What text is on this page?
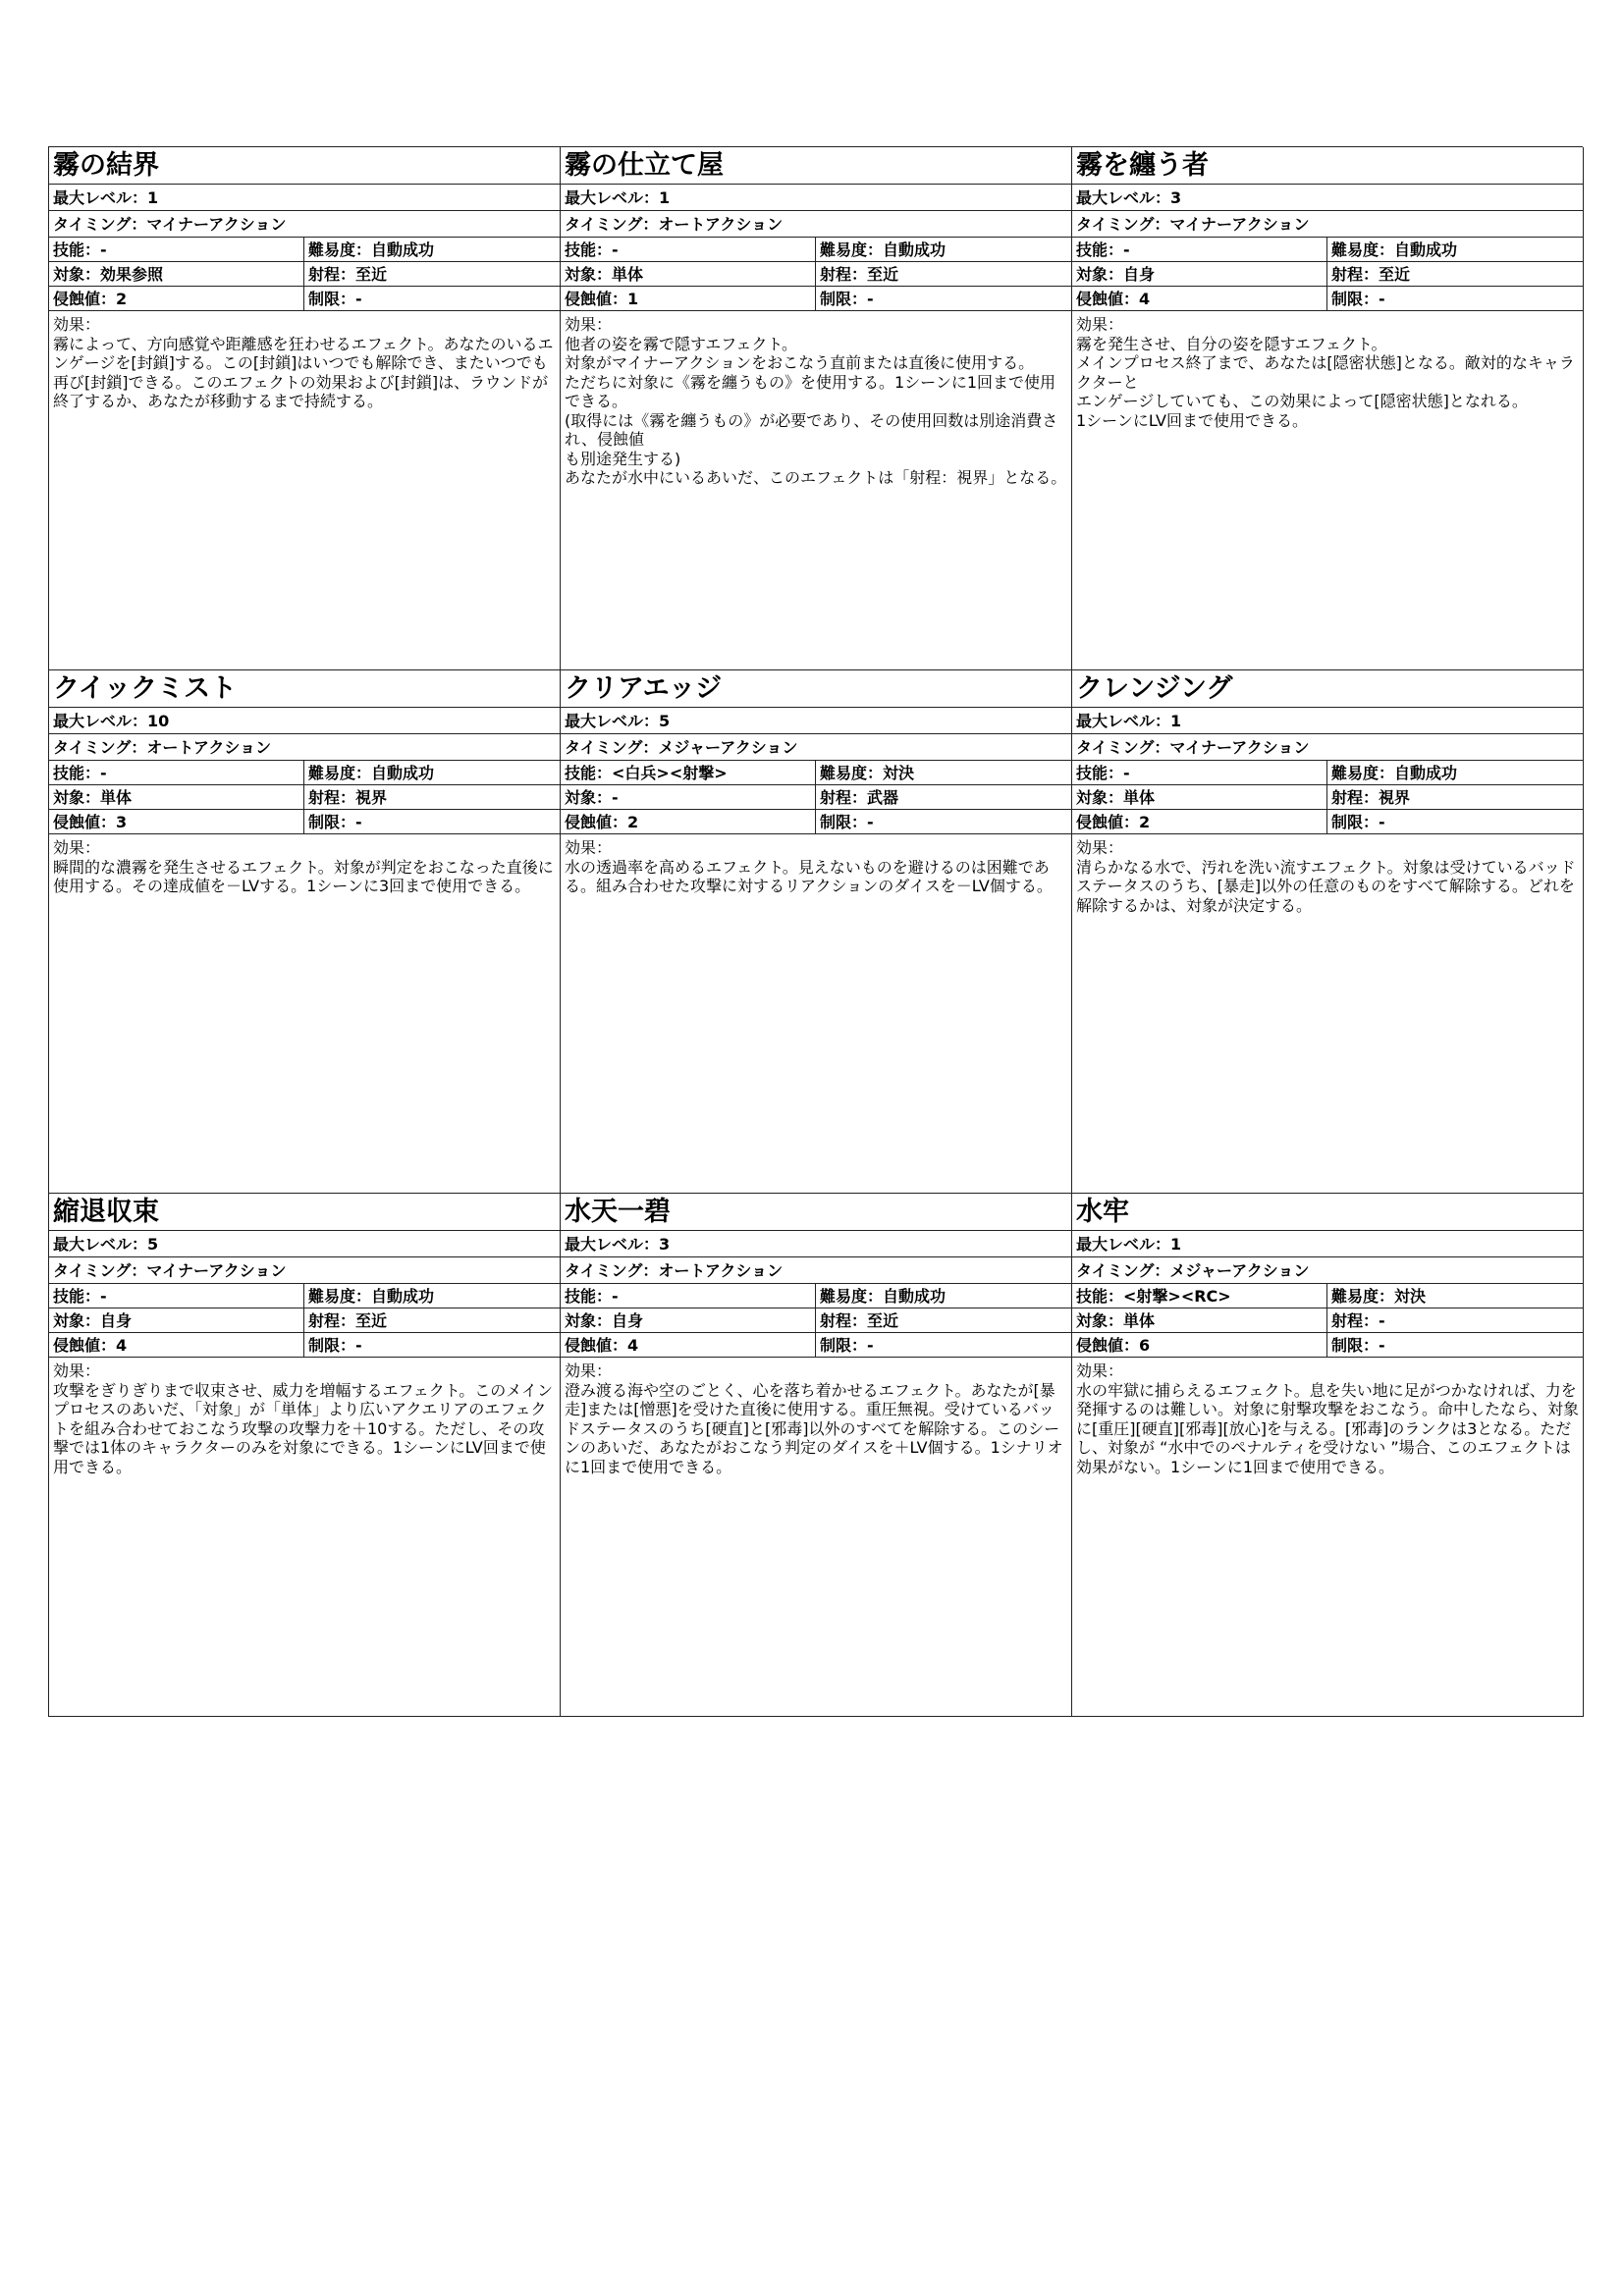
霧の結界
最大レベル：1
タイミング：マイナーアクション
技能：-	難易度：自動成功
対象：効果参照	射程：至近
侵蝕値：2	制限：-
効果：
霧によって、方向感覚や距離感を狂わせるエフェクト。あなたのいるエンゲージを[封鎖]する。この[封鎖]はいつでも解除でき、またいつでも再び[封鎖]できる。このエフェクトの効果および[封鎖]は、ラウンドが終了するか、あなたが移動するまで持続する。
霧の仕立て屋
最大レベル：1
タイミング：オートアクション
技能：-	難易度：自動成功
対象：単体	射程：至近
侵蝕値：1	制限：-
効果：
他者の姿を霧で隠すエフェクト。
対象がマイナーアクションをおこなう直前または直後に使用する。
ただちに対象に《霧を纏うもの》を使用する。1シーンに1回まで使用できる。
(取得には《霧を纏うもの》が必要であり、その使用回数は別途消費され、侵蝕値
も別途発生する)
あなたが水中にいるあいだ、このエフェクトは「射程：視界」となる。
霧を纏う者
最大レベル：3
タイミング：マイナーアクション
技能：-	難易度：自動成功
対象：自身	射程：至近
侵蝕値：4	制限：-
効果：
霧を発生させ、自分の姿を隠すエフェクト。
メインプロセス終了まで、あなたは[隠密状態]となる。敵対的なキャラクターと
エンゲージしていても、この効果によって[隠密状態]となれる。
1シーンにLV回まで使用できる。
クイックミスト
最大レベル：10
タイミング：オートアクション
技能：-	難易度：自動成功
対象：単体	射程：視界
侵蝕値：3	制限：-
効果：
瞬間的な濃霧を発生させるエフェクト。対象が判定をおこなった直後に使用する。その達成値を－LVする。1シーンに3回まで使用できる。
クリアエッジ
最大レベル：5
タイミング：メジャーアクション
技能：<白兵><射撃>	難易度：対決
対象：-	射程：武器
侵蝕値：2	制限：-
効果：
水の透過率を高めるエフェクト。見えないものを避けるのは困難である。組み合わせた攻撃に対するリアクションのダイスを－LV個する。
クレンジング
最大レベル：1
タイミング：マイナーアクション
技能：-	難易度：自動成功
対象：単体	射程：視界
侵蝕値：2	制限：-
効果：
清らかなる水で、汚れを洗い流すエフェクト。対象は受けているバッドステータスのうち、[暴走]以外の任意のものをすべて解除する。どれを解除するかは、対象が決定する。
縮退収束
最大レベル：5
タイミング：マイナーアクション
技能：-	難易度：自動成功
対象：自身	射程：至近
侵蝕値：4	制限：-
効果：
攻撃をぎりぎりまで収束させ、威力を増幅するエフェクト。このメインプロセスのあいだ、「対象」が「単体」より広いアクエリアのエフェクトを組み合わせておこなう攻撃の攻撃力を＋10する。ただし、その攻撃では1体のキャラクターのみを対象にできる。1シーンにLV回まで使用できる。
水天一碧
最大レベル：3
タイミング：オートアクション
技能：-	難易度：自動成功
対象：自身	射程：至近
侵蝕値：4	制限：-
効果：
澄み渡る海や空のごとく、心を落ち着かせるエフェクト。あなたが[暴走]または[憎悪]を受けた直後に使用する。重圧無視。受けているバッドステータスのうち[硬直]と[邪毒]以外のすべてを解除する。このシーンのあいだ、あなたがおこなう判定のダイスを＋LV個する。1シナリオに1回まで使用できる。
水牢
最大レベル：1
タイミング：メジャーアクション
技能：<射撃><RC>	難易度：対決
対象：単体	射程：-
侵蝕値：6	制限：-
効果：
水の牢獄に捕らえるエフェクト。息を失い地に足がつかなければ、力を発揮するのは難しい。対象に射撃攻撃をおこなう。命中したなら、対象に[重圧][硬直][邪毒][放心]を与える。[邪毒]のランクは3となる。ただし、対象が “水中でのペナルティを受けない ”場合、このエフェクトは効果がない。1シーンに1回まで使用できる。
